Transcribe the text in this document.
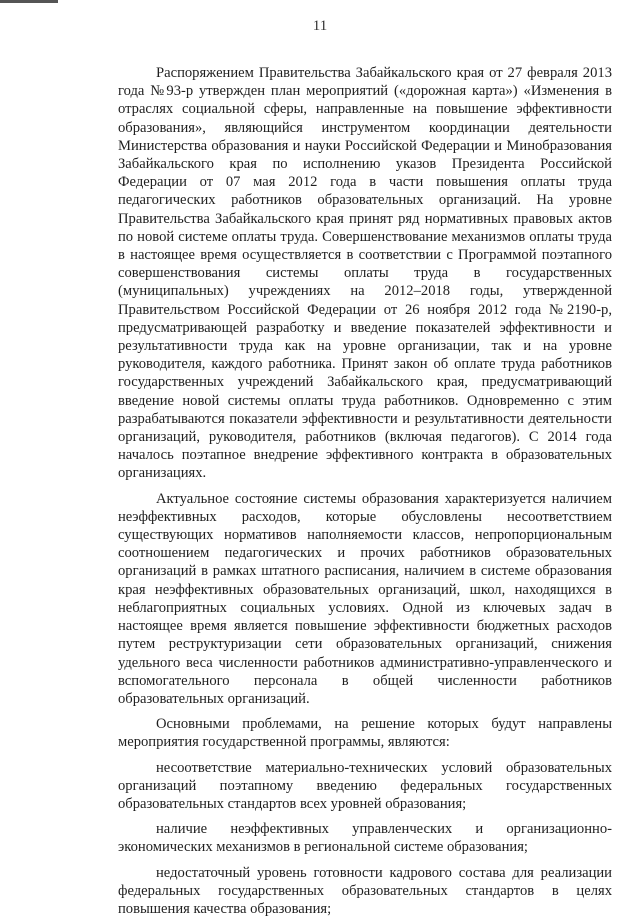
11

Распоряжением Правительства Забайкальского края от 27 февраля 2013 года №93-р утвержден план мероприятий («дорожная карта») «Изменения в отраслях социальной сферы, направленные на повышение эффективности образования», являющийся инструментом координации деятельности Министерства образования и науки Российской Федерации и Минобразования Забайкальского края по исполнению указов Президента Российской Федерации от 07 мая 2012 года в части повышения оплаты труда педагогических работников образовательных организаций. На уровне Правительства Забайкальского края принят ряд нормативных правовых актов по новой системе оплаты труда. Совершенствование механизмов оплаты труда в настоящее время осуществляется в соответствии с Программой поэтапного совершенствования системы оплаты труда в государственных (муниципальных) учреждениях на 2012–2018 годы, утвержденной Правительством Российской Федерации от 26 ноября 2012 года №2190-р, предусматривающей разработку и введение показателей эффективности и результативности труда как на уровне организации, так и на уровне руководителя, каждого работника. Принят закон об оплате труда работников государственных учреждений Забайкальского края, предусматривающий введение новой системы оплаты труда работников. Одновременно с этим разрабатываются показатели эффективности и результативности деятельности организаций, руководителя, работников (включая педагогов). С 2014 года началось поэтапное внедрение эффективного контракта в образовательных организациях.

Актуальное состояние системы образования характеризуется наличием неэффективных расходов, которые обусловлены несоответствием существующих нормативов наполняемости классов, непропорциональным соотношением педагогических и прочих работников образовательных организаций в рамках штатного расписания, наличием в системе образования края неэффективных образовательных организаций, школ, находящихся в неблагоприятных социальных условиях. Одной из ключевых задач в настоящее время является повышение эффективности бюджетных расходов путем реструктуризации сети образовательных организаций, снижения удельного веса численности работников административно-управленческого и вспомогательного персонала в общей численности работников образовательных организаций.

Основными проблемами, на решение которых будут направлены мероприятия государственной программы, являются:

несоответствие материально-технических условий образовательных организаций поэтапному введению федеральных государственных образовательных стандартов всех уровней образования;

наличие неэффективных управленческих и организационно-экономических механизмов в региональной системе образования;

недостаточный уровень готовности кадрового состава для реализации федеральных государственных образовательных стандартов в целях повышения качества образования;
